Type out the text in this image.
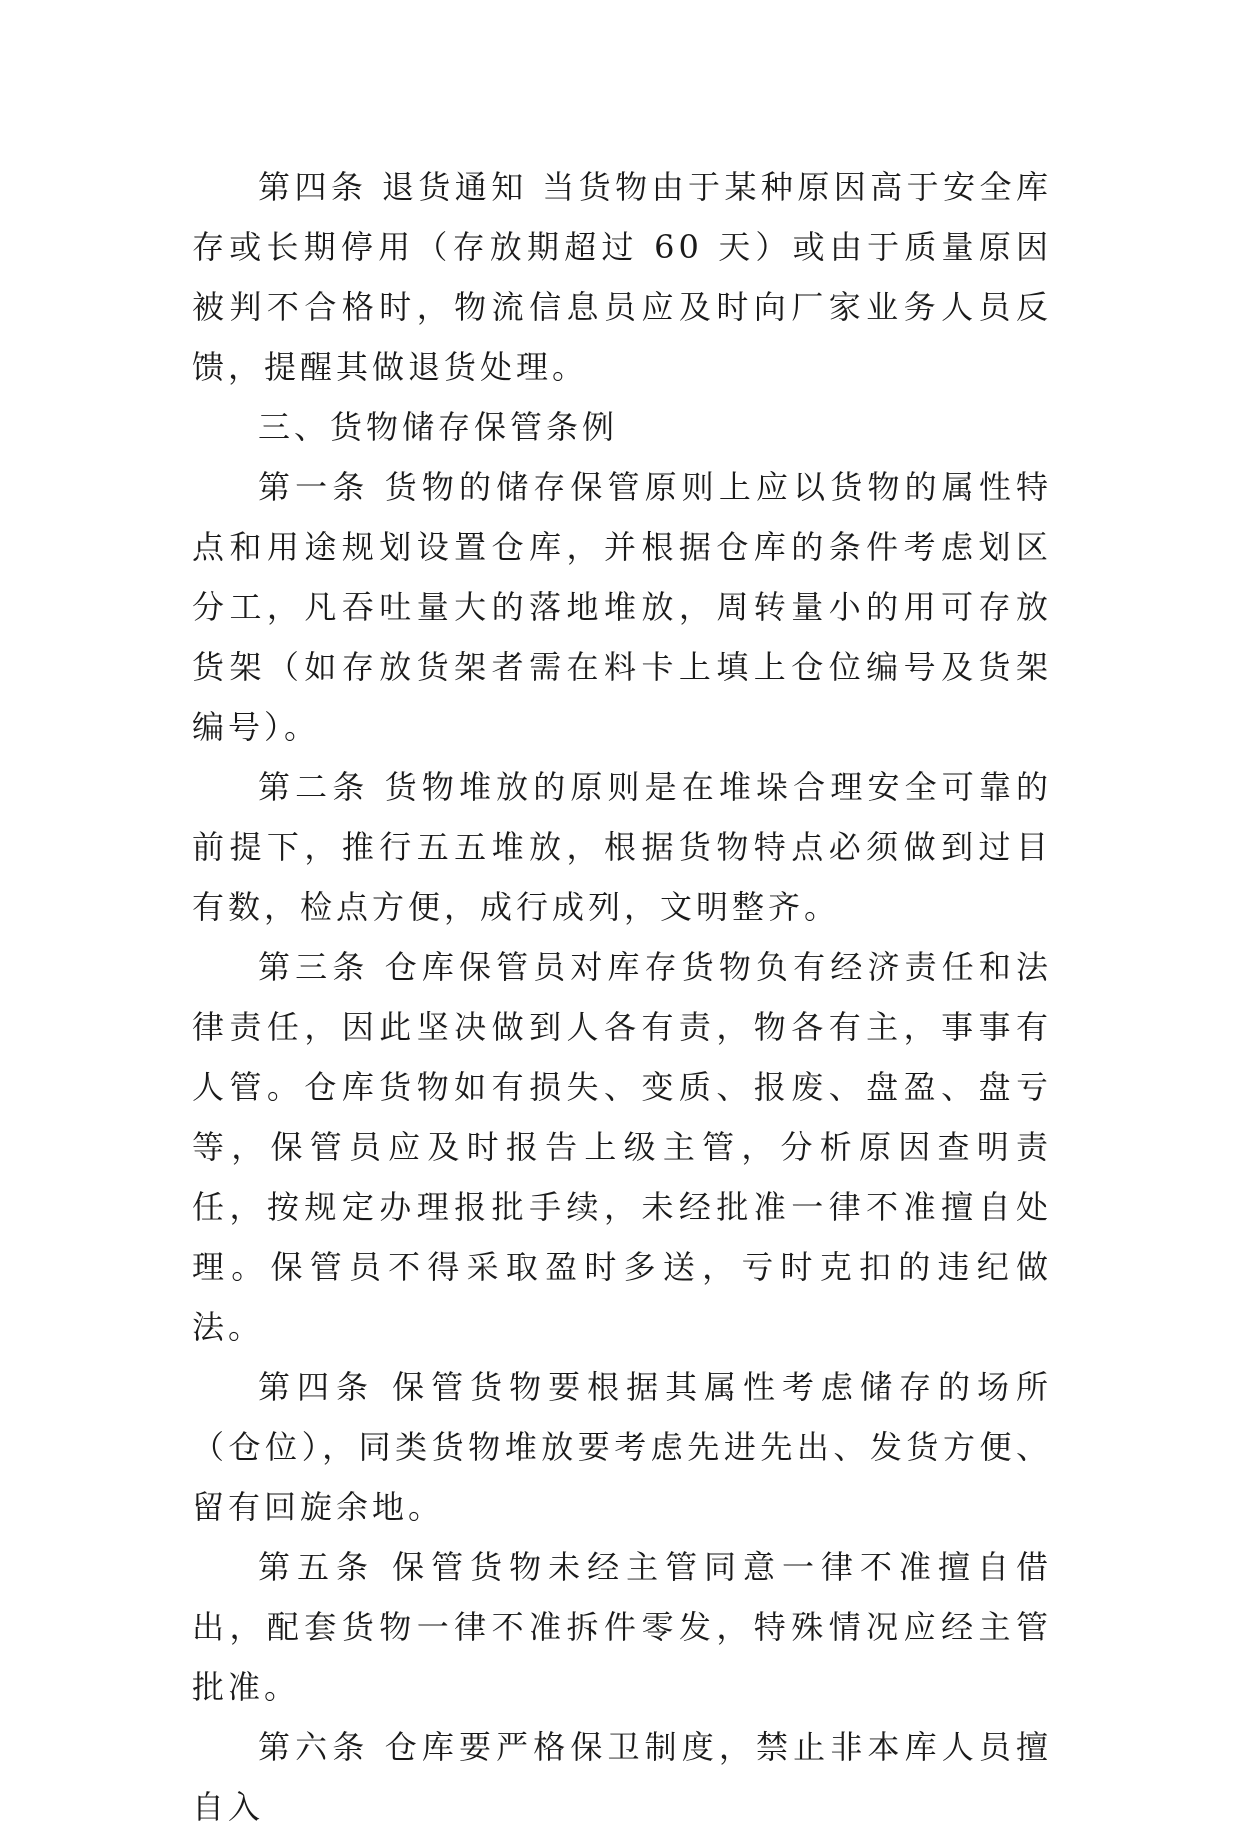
第四条 退货通知 当货物由于某种原因高于安全库存或长期停用（存放期超过 60 天）或由于质量原因被判不合格时，物流信息员应及时向厂家业务人员反馈，提醒其做退货处理。

三、货物储存保管条例

第一条 货物的储存保管原则上应以货物的属性特点和用途规划设置仓库，并根据仓库的条件考虑划区分工，凡吞吐量大的落地堆放，周转量小的用可存放货架（如存放货架者需在料卡上填上仓位编号及货架编号）。

第二条 货物堆放的原则是在堆垛合理安全可靠的前提下，推行五五堆放，根据货物特点必须做到过目有数，检点方便，成行成列，文明整齐。

第三条 仓库保管员对库存货物负有经济责任和法律责任，因此坚决做到人各有责，物各有主，事事有人管。仓库货物如有损失、变质、报废、盘盈、盘亏等，保管员应及时报告上级主管，分析原因查明责任，按规定办理报批手续，未经批准一律不准擅自处理。保管员不得采取盈时多送，亏时克扣的违纪做法。

第四条 保管货物要根据其属性考虑储存的场所（仓位），同类货物堆放要考虑先进先出、发货方便、留有回旋余地。

第五条 保管货物未经主管同意一律不准擅自借出，配套货物一律不准拆件零发，特殊情况应经主管批准。

第六条 仓库要严格保卫制度，禁止非本库人员擅自入
